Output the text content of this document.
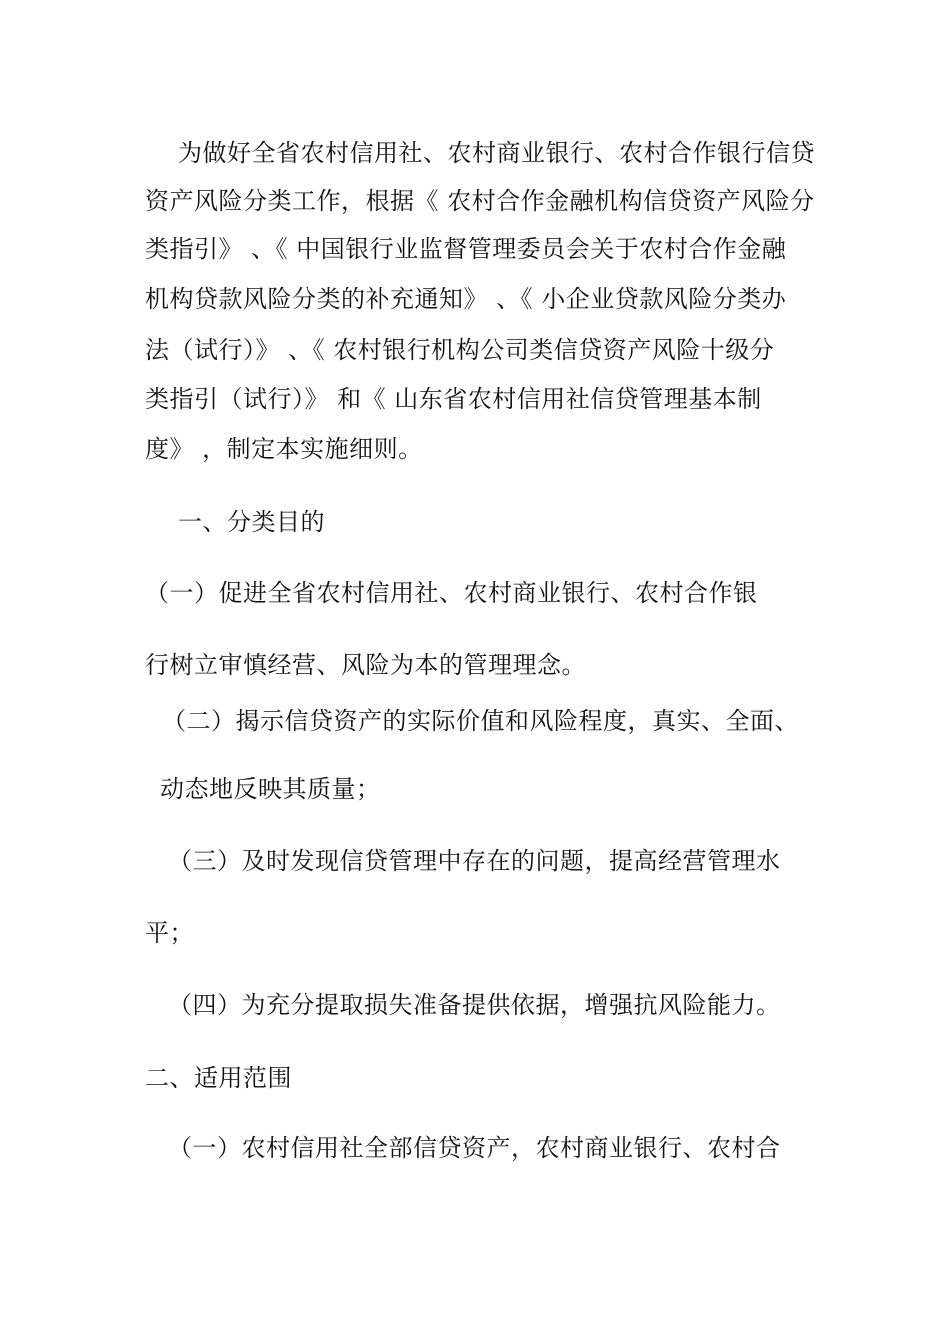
为做好全省农村信用社、农村商业银行、农村合作银行信贷
资产风险分类工作，根据《 农村合作金融机构信贷资产风险分
类指引》 、《 中国银行业监督管理委员会关于农村合作金融
机构贷款风险分类的补充通知》 、《 小企业贷款风险分类办
法（试行）》 、《 农村银行机构公司类信贷资产风险十级分
类指引（试行）》 和《 山东省农村信用社信贷管理基本制
度》 ，制定本实施细则。
一、分类目的
（一）促进全省农村信用社、农村商业银行、农村合作银
行树立审慎经营、风险为本的管理理念。
（二）揭示信贷资产的实际价值和风险程度，真实、全面、
动态地反映其质量；
（三）及时发现信贷管理中存在的问题，提高经营管理水
平；
（四）为充分提取损失准备提供依据，增强抗风险能力。
二、适用范围
（一）农村信用社全部信贷资产，农村商业银行、农村合
